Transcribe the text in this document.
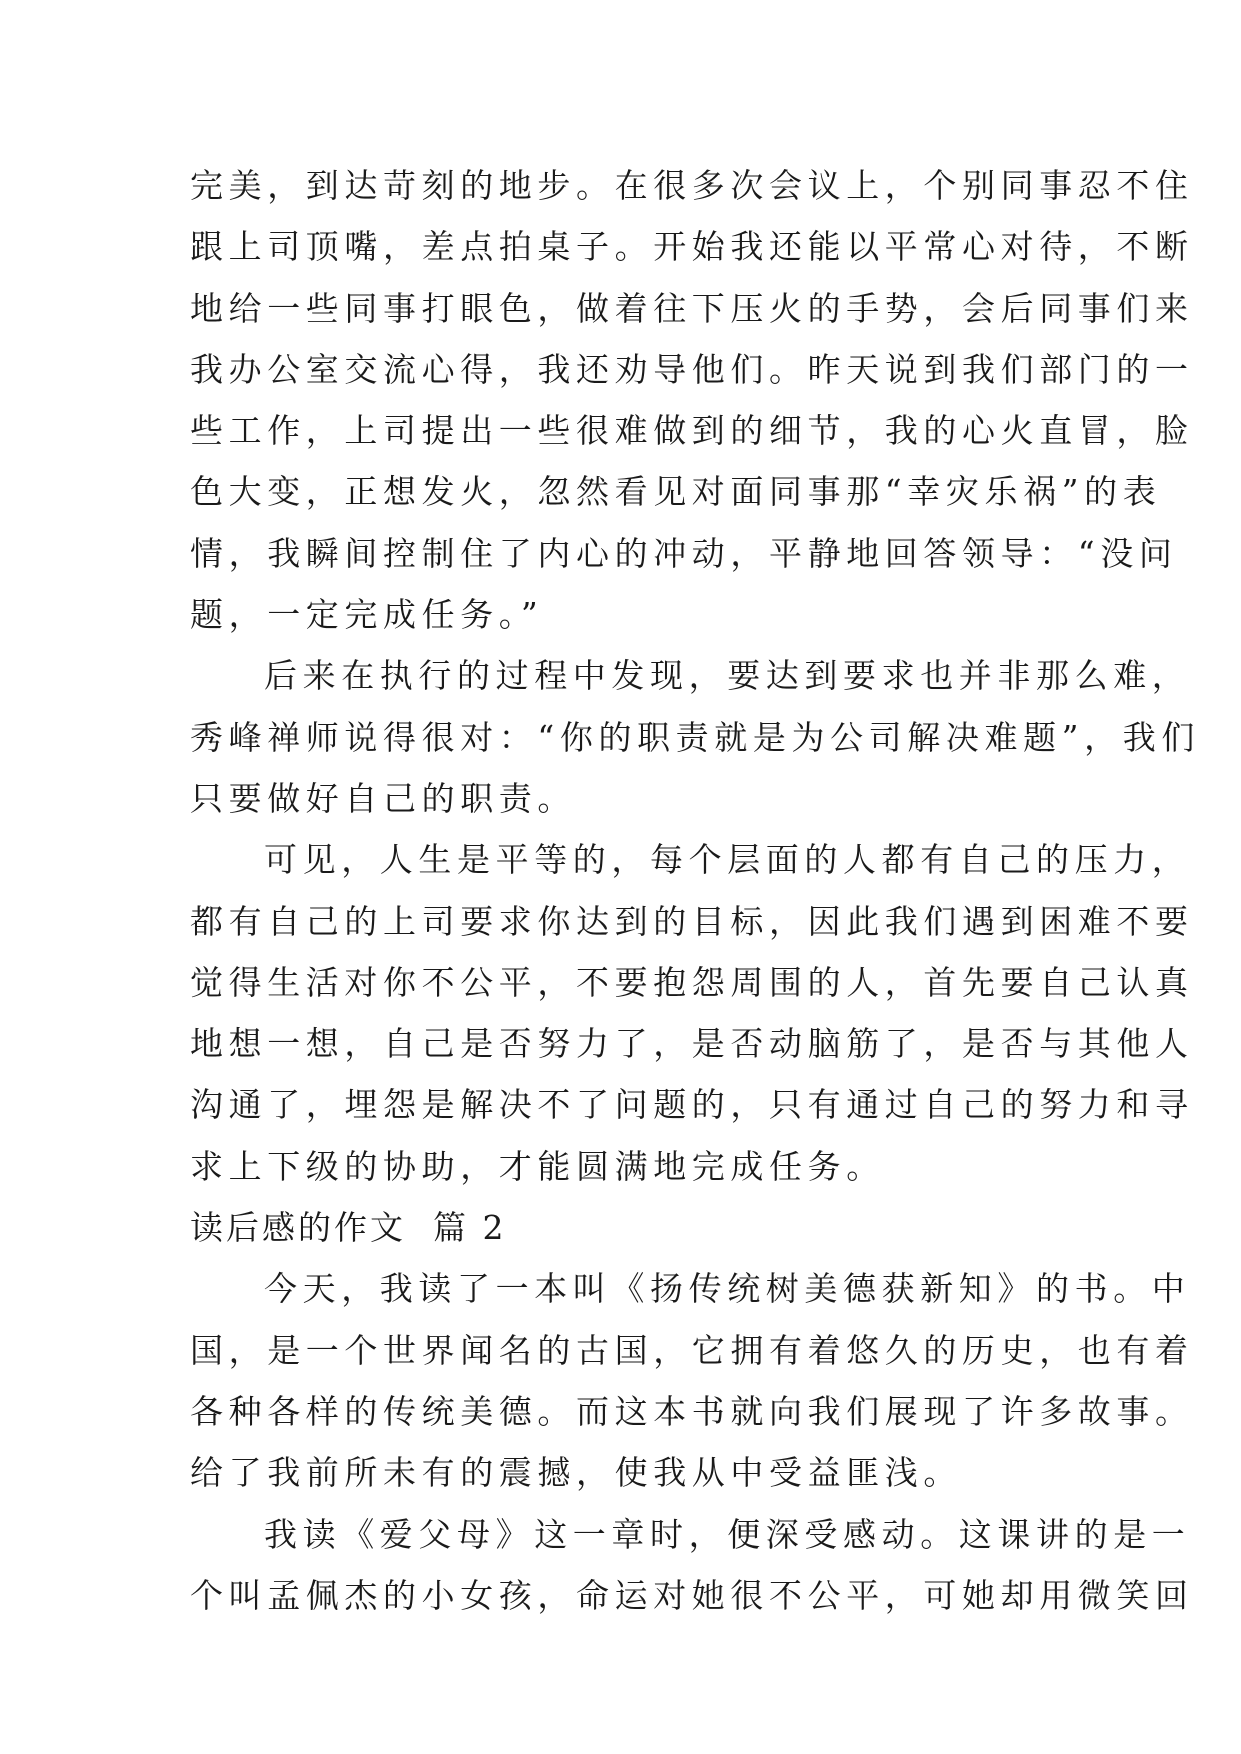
完美，到达苛刻的地步。在很多次会议上，个别同事忍不住
跟上司顶嘴，差点拍桌子。开始我还能以平常心对待，不断
地给一些同事打眼色，做着往下压火的手势，会后同事们来
我办公室交流心得，我还劝导他们。昨天说到我们部门的一
些工作，上司提出一些很难做到的细节，我的心火直冒，脸
色大变，正想发火，忽然看见对面同事那“幸灾乐祸”的表
情，我瞬间控制住了内心的冲动，平静地回答领导：“没问
题，一定完成任务。”
后来在执行的过程中发现，要达到要求也并非那么难，
秀峰禅师说得很对：“你的职责就是为公司解决难题”，我们
只要做好自己的职责。
可见，人生是平等的，每个层面的人都有自己的压力，
都有自己的上司要求你达到的目标，因此我们遇到困难不要
觉得生活对你不公平，不要抱怨周围的人，首先要自己认真
地想一想，自己是否努力了，是否动脑筋了，是否与其他人
沟通了，埋怨是解决不了问题的，只有通过自己的努力和寻
求上下级的协助，才能圆满地完成任务。
读后感的作文  篇 2
今天，我读了一本叫《扬传统树美德获新知》的书。中
国，是一个世界闻名的古国，它拥有着悠久的历史，也有着
各种各样的传统美德。而这本书就向我们展现了许多故事。
给了我前所未有的震撼，使我从中受益匪浅。
我读《爱父母》这一章时，便深受感动。这课讲的是一
个叫孟佩杰的小女孩，命运对她很不公平，可她却用微笑回
